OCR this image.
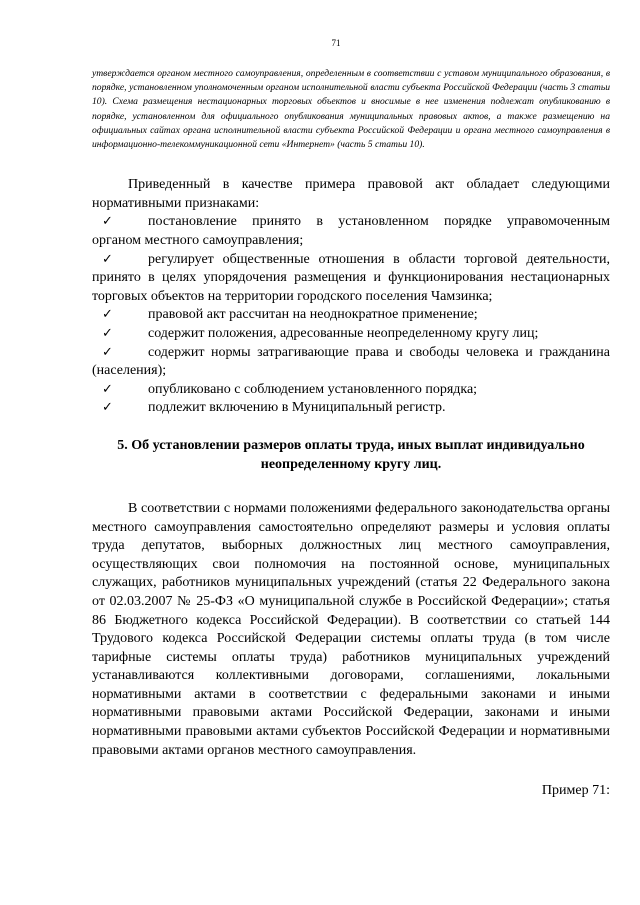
71

утверждается органом местного самоуправления, определенным в соответствии с уставом муниципального образования, в порядке, установленном уполномоченным органом исполнительной власти субъекта Российской Федерации (часть 3 статьи 10). Схема размещения нестационарных торговых объектов и вносимые в нее изменения подлежат опубликованию в порядке, установленном для официального опубликования муниципальных правовых актов, а также размещению на официальных сайтах органа исполнительной власти субъекта Российской Федерации и органа местного самоуправления в информационно-телекоммуникационной сети «Интернет» (часть 5 статьи 10).

Приведенный в качестве примера правовой акт обладает следующими нормативными признаками:

✓	постановление принято в установленном порядке управомоченным

органом местного самоуправления;

✓	регулирует общественные отношения в области торговой деятельности,

принято в целях упорядочения размещения и функционирования нестационарных торговых объектов на территории городского поселения Чамзинка;

✓	правовой акт рассчитан на неоднократное применение;
✓	содержит положения, адресованные неопределенному кругу лиц;
✓	содержит нормы затрагивающие права и свободы человека и гражданина

(населения);

✓	опубликовано с соблюдением установленного порядка;
✓	подлежит включению в Муниципальный регистр.
5. Об установлении размеров оплаты труда, иных выплат индивидуально
неопределенному кругу лиц.

В соответствии с нормами положениями федерального законодательства органы местного самоуправления самостоятельно определяют размеры и условия оплаты труда депутатов, выборных должностных лиц местного самоуправления, осуществляющих свои полномочия на постоянной основе, муниципальных служащих, работников муниципальных учреждений (статья 22 Федерального закона от 02.03.2007 № 25-ФЗ «О муниципальной службе в Российской Федерации»; статья 86 Бюджетного кодекса Российской Федерации). В соответствии со статьей 144 Трудового кодекса Российской Федерации системы оплаты труда (в том числе тарифные системы оплаты труда) работников муниципальных учреждений устанавливаются коллективными договорами, соглашениями, локальными нормативными актами в соответствии с федеральными законами и иными нормативными правовыми актами Российской Федерации, законами и иными нормативными правовыми актами субъектов Российской Федерации и нормативными правовыми актами органов местного самоуправления.

Пример 71:
